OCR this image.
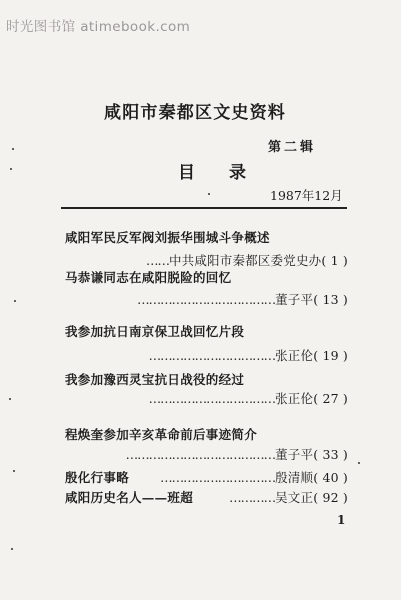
时光图书馆 atimebook.com
咸阳市秦都区文史资料
第二辑
目录
1987年12月
咸阳军民反军阀刘振华围城斗争概述
……中共咸阳市秦都区委党史办( 1 )
马恭谦同志在咸阳脱险的回忆
………………………………董子平( 13 )
我参加抗日南京保卫战回忆片段
……………………………张正伦( 19 )
我参加豫西灵宝抗日战役的经过
……………………………张正伦( 27 )
程焕奎参加辛亥革命前后事迹简介
…………………………………董子平( 33 )
殷化行事略 …………………………殷清顺( 40 )
咸阳历史名人——班超	…………吴文正( 92 )
1
